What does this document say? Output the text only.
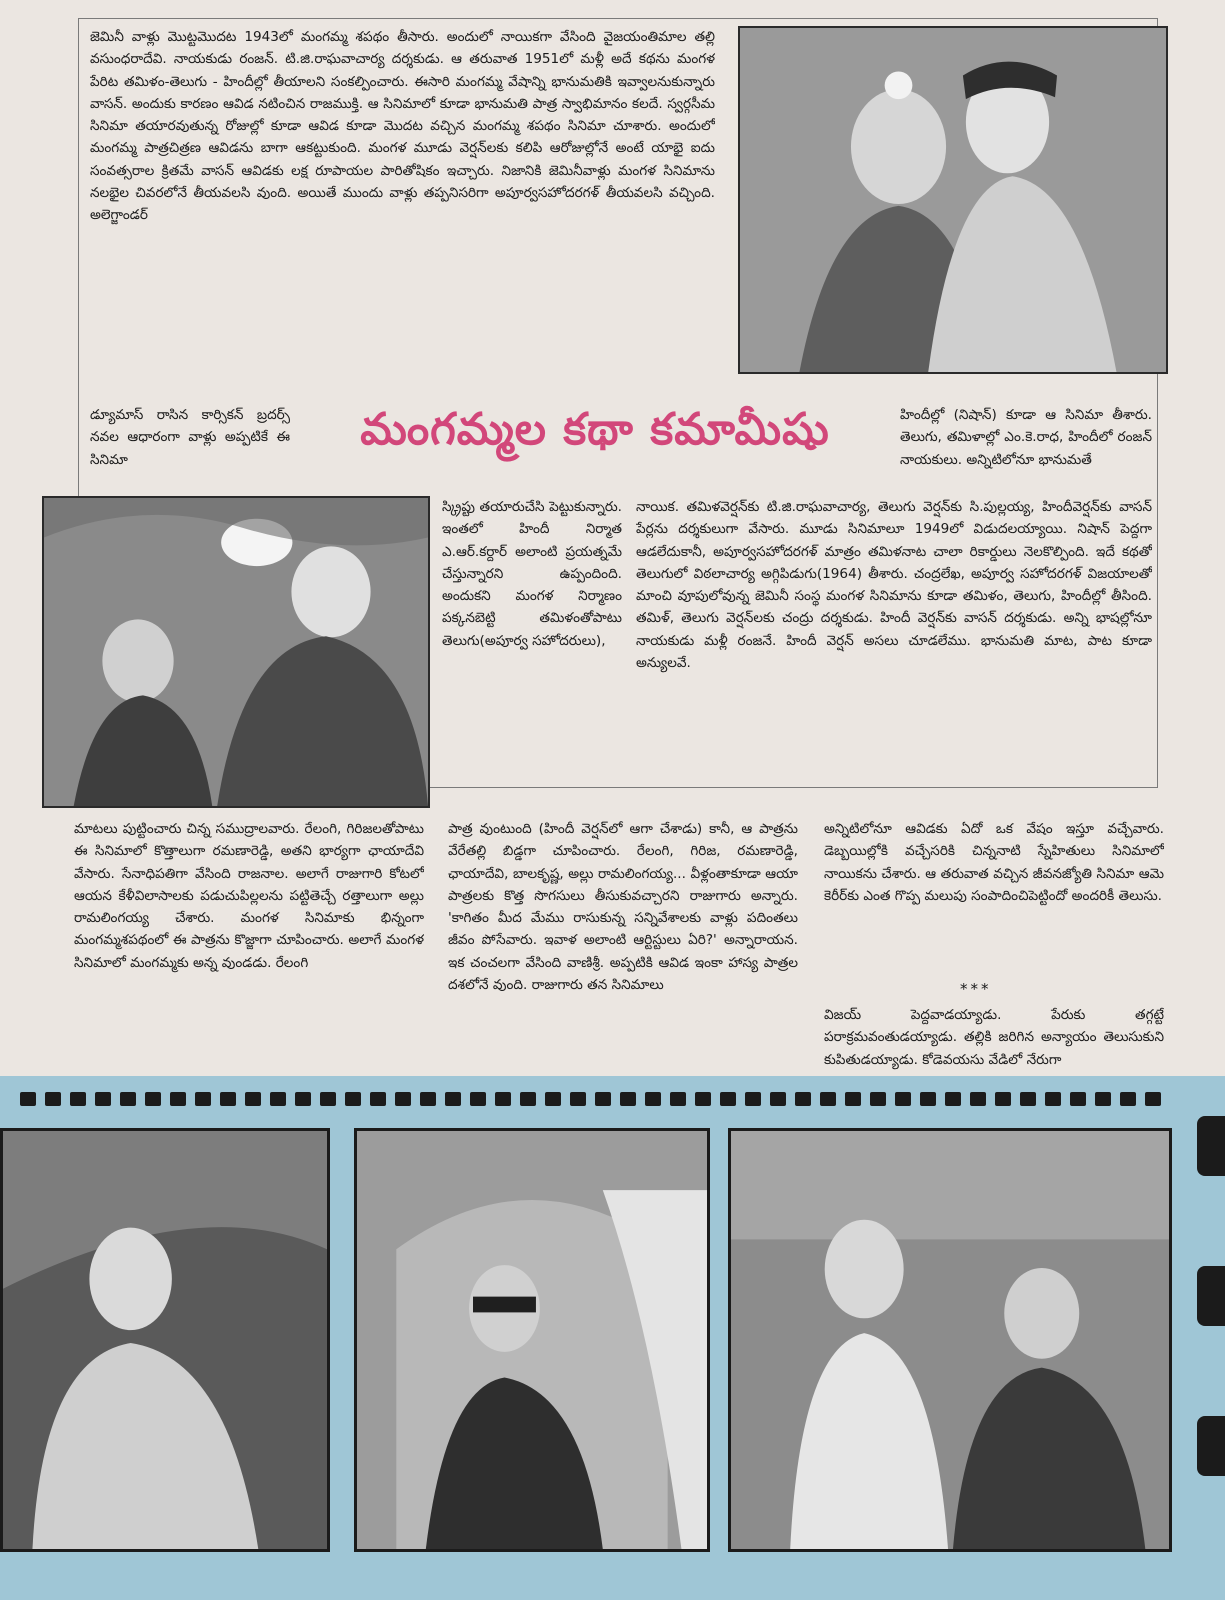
జెమినీ వాళ్లు మొట్టమొదట 1943లో మంగమ్మ శపథం తీసారు. అందులో నాయికగా వేసింది వైజయంతిమాల తల్లి వసుంధరాదేవి. నాయకుడు రంజన్. టి.జి.రాఘవాచార్య దర్శకుడు. ఆ తరువాత 1951లో మళ్లీ అదే కథను మంగళ పేరిట తమిళం-తెలుగు - హిందీల్లో తీయాలని సంకల్పించారు. ఈసారి మంగమ్మ వేషాన్ని భానుమతికి ఇవ్వాలనుకున్నారు వాసన్. అందుకు కారణం ఆవిడ నటించిన రాజముక్తి. ఆ సినిమాలో కూడా భానుమతి పాత్ర స్వాభిమానం కలదే. స్వర్గసీమ సినిమా తయారవుతున్న రోజుల్లో కూడా ఆవిడ కూడా మొదట వచ్చిన మంగమ్మ శపథం సినిమా చూశారు. అందులో మంగమ్మ పాత్రచిత్రణ ఆవిడను బాగా ఆకట్టుకుంది. మంగళ మూడు వెర్షన్‌లకు కలిపి ఆరోజుల్లోనే అంటే యాభై ఐదు సంవత్సరాల క్రితమే వాసన్ ఆవిడకు లక్ష రూపాయల పారితోషికం ఇచ్చారు. నిజానికి జెమినీవాళ్లు మంగళ సినిమాను నలభైల చివరలోనే తీయవలసి వుంది. అయితే ముందు వాళ్లు తప్పనిసరిగా అపూర్వసహోదరగళ్ తీయవలసి వచ్చింది. అలెగ్జాండర్
డ్యూమాస్ రాసిన కార్సికన్ బ్రదర్స్ నవల ఆధారంగా వాళ్లు అప్పటికే ఈ సినిమా
మంగమ్మల కథా కమామీషు	హిందీల్లో (నిషాన్) కూడా ఆ సినిమా తీశారు. తెలుగు, తమిళాల్లో ఎం.కె.రాధ, హిందీలో రంజన్ నాయకులు. అన్నిటిలోనూ భానుమతే
స్క్రిప్టు తయారుచేసి పెట్టుకున్నారు. ఇంతలో హిందీ నిర్మాత ఎ.ఆర్.కర్దార్ అలాంటి ప్రయత్నమే చేస్తున్నారని ఉప్పందింది. అందుకని మంగళ నిర్మాణం పక్కనబెట్టి తమిళంతోపాటు తెలుగు(అపూర్వ సహోదరులు),
నాయిక. తమిళవెర్షన్‌కు టి.జి.రాఘవాచార్య, తెలుగు వెర్షన్‌కు సి.పుల్లయ్య, హిందీవెర్షన్‌కు వాసన్ పేర్లను దర్శకులుగా వేసారు. మూడు సినిమాలూ 1949లో విడుదలయ్యాయి. నిషాన్ పెద్దగా ఆడలేదుకానీ, అపూర్వసహోదరగళ్ మాత్రం తమిళనాట చాలా రికార్డులు నెలకొల్పింది. ఇదే కథతో తెలుగులో విఠలాచార్య అగ్గిపిడుగు(1964) తీశారు. చంద్రలేఖ, అపూర్వ సహోదరగళ్ విజయాలతో మాంచి వూపులోవున్న జెమినీ సంస్థ మంగళ సినిమాను కూడా తమిళం, తెలుగు, హిందీల్లో తీసింది. తమిళ్, తెలుగు వెర్షన్‌లకు చంద్రు దర్శకుడు. హిందీ వెర్షన్‌కు వాసన్ దర్శకుడు. అన్ని భాషల్లోనూ నాయకుడు మళ్లీ రంజనే. హిందీ వెర్షన్ అసలు చూడలేము. భానుమతి మాట, పాట కూడా అన్యులవే.
మాటలు పుట్టించారు చిన్న సముద్రాలవారు. రేలంగి, గిరిజలతోపాటు ఈ సినిమాలో కొత్తాలుగా రమణారెడ్డి, అతని భార్యగా ఛాయాదేవి వేసారు. సేనాధిపతిగా వేసింది రాజనాల. అలాగే రాజుగారి కోటలో ఆయన కేళీవిలాసాలకు పడుచుపిల్లలను పట్టితెచ్చే రత్తాలుగా అల్లు రామలింగయ్య చేశారు. మంగళ సినిమాకు భిన్నంగా మంగమ్మశపథంలో ఈ పాత్రను కొజ్జాగా చూపించారు. అలాగే మంగళ సినిమాలో మంగమ్మకు అన్న వుండడు. రేలంగి
పాత్ర వుంటుంది (హిందీ వెర్షన్‌లో ఆగా చేశాడు) కానీ, ఆ పాత్రను వేరేతల్లి బిడ్డగా చూపించారు. రేలంగి, గిరిజ, రమణారెడ్డి, ఛాయాదేవి, బాలకృష్ణ, అల్లు రామలింగయ్య... వీళ్లంతాకూడా ఆయా పాత్రలకు కొత్త సొగసులు తీసుకువచ్చారని రాజుగారు అన్నారు. 'కాగితం మీద మేము రాసుకున్న సన్నివేశాలకు వాళ్లు పదింతలు జీవం పోసేవారు. ఇవాళ అలాంటి ఆర్టిస్టులు ఏరి?' అన్నారాయన. ఇక చంచలగా వేసింది వాణిశ్రీ. అప్పటికి ఆవిడ ఇంకా హాస్య పాత్రల దశలోనే వుంది. రాజుగారు తన సినిమాలు
అన్నిటిలోనూ ఆవిడకు ఏదో ఒక వేషం ఇస్తూ వచ్చేవారు. డెబ్బయిల్లోకి వచ్చేసరికి చిన్ననాటి స్నేహితులు సినిమాలో నాయికను చేశారు. ఆ తరువాత వచ్చిన జీవనజ్యోతి సినిమా ఆమె కెరీర్‌కు ఎంత గొప్ప మలుపు సంపాదించిపెట్టిందో అందరికీ తెలుసు.
***
విజయ్ పెద్దవాడయ్యాడు. పేరుకు తగ్గట్టే పరాక్రమవంతుడయ్యాడు. తల్లికి జరిగిన అన్యాయం తెలుసుకుని కుపితుడయ్యాడు. కోడెవయసు వేడిలో నేరుగా
